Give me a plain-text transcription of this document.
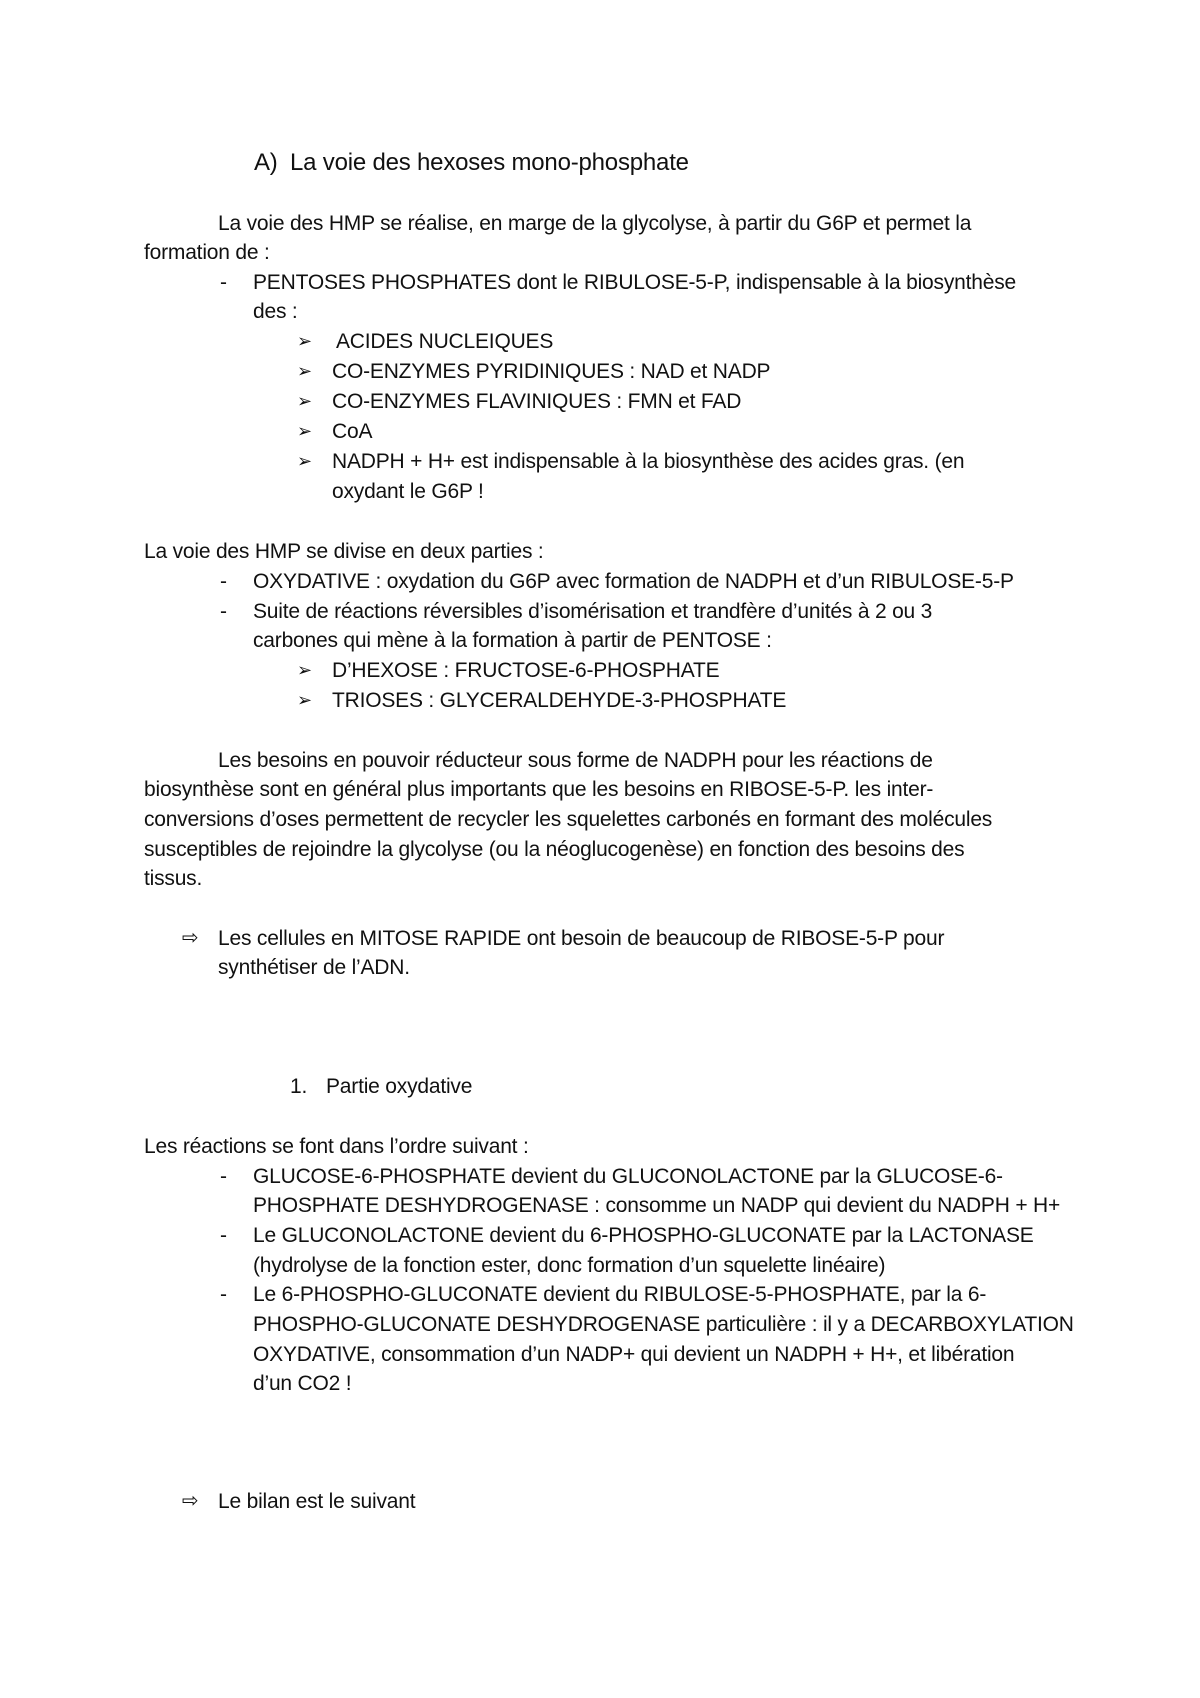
A) La voie des hexoses mono-phosphate
La voie des HMP se réalise, en marge de la glycolyse, à partir du G6P et permet la
formation de :
- PENTOSES PHOSPHATES dont le RIBULOSE-5-P, indispensable à la biosynthèse
des :
➢ ACIDES NUCLEIQUES
➢ CO-ENZYMES PYRIDINIQUES : NAD et NADP
➢ CO-ENZYMES FLAVINIQUES : FMN et FAD
➢ CoA
➢ NADPH + H+ est indispensable à la biosynthèse des acides gras. (en
oxydant le G6P !
La voie des HMP se divise en deux parties :
- OXYDATIVE : oxydation du G6P avec formation de NADPH et d’un RIBULOSE-5-P
- Suite de réactions réversibles d’isomérisation et trandfère d’unités à 2 ou 3
carbones qui mène à la formation à partir de PENTOSE :
➢ D’HEXOSE : FRUCTOSE-6-PHOSPHATE
➢ TRIOSES : GLYCERALDEHYDE-3-PHOSPHATE
Les besoins en pouvoir réducteur sous forme de NADPH pour les réactions de
biosynthèse sont en général plus importants que les besoins en RIBOSE-5-P. les inter-
conversions d’oses permettent de recycler les squelettes carbonés en formant des molécules
susceptibles de rejoindre la glycolyse (ou la néoglucogenèse) en fonction des besoins des
tissus.
⇨ Les cellules en MITOSE RAPIDE ont besoin de beaucoup de RIBOSE-5-P pour
synthétiser de l’ADN.
1. Partie oxydative
Les réactions se font dans l’ordre suivant :
- GLUCOSE-6-PHOSPHATE devient du GLUCONOLACTONE par la GLUCOSE-6-
PHOSPHATE DESHYDROGENASE : consomme un NADP qui devient du NADPH + H+
- Le GLUCONOLACTONE devient du 6-PHOSPHO-GLUCONATE par la LACTONASE
(hydrolyse de la fonction ester, donc formation d’un squelette linéaire)
- Le 6-PHOSPHO-GLUCONATE devient du RIBULOSE-5-PHOSPHATE, par la 6-
PHOSPHO-GLUCONATE DESHYDROGENASE particulière : il y a DECARBOXYLATION
OXYDATIVE, consommation d’un NADP+ qui devient un NADPH + H+, et libération
d’un CO2 !
⇨ Le bilan est le suivant
